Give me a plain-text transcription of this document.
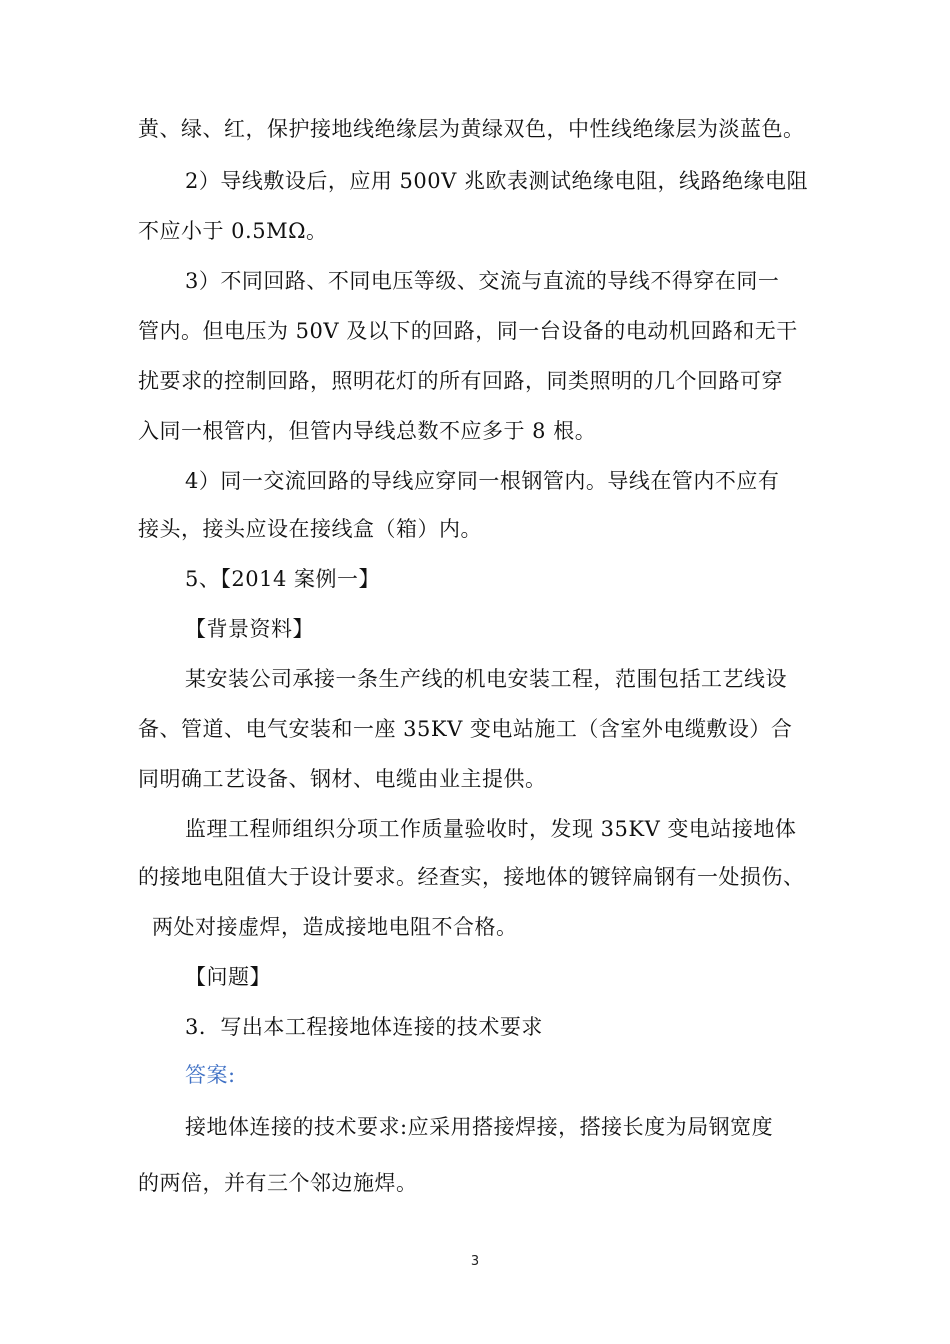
黄、绿、红，保护接地线绝缘层为黄绿双色，中性线绝缘层为淡蓝色。
2）导线敷设后，应用 500V 兆欧表测试绝缘电阻，线路绝缘电阻
不应小于 0.5MΩ。
3）不同回路、不同电压等级、交流与直流的导线不得穿在同一
管内。但电压为 50V 及以下的回路，同一台设备的电动机回路和无干
扰要求的控制回路，照明花灯的所有回路，同类照明的几个回路可穿
入同一根管内，但管内导线总数不应多于 8 根。
4）同一交流回路的导线应穿同一根钢管内。导线在管内不应有
接头，接头应设在接线盒（箱）内。
5、【2014 案例一】
【背景资料】
某安装公司承接一条生产线的机电安装工程，范围包括工艺线设
备、管道、电气安装和一座 35KV 变电站施工（含室外电缆敷设）合
同明确工艺设备、钢材、电缆由业主提供。
监理工程师组织分项工作质量验收时，发现 35KV 变电站接地体
的接地电阻值大于设计要求。经查实，接地体的镀锌扁钢有一处损伤、
两处对接虚焊，造成接地电阻不合格。
【问题】
3．写出本工程接地体连接的技术要求
答案:
接地体连接的技术要求:应采用搭接焊接，搭接长度为局钢宽度
的两倍，并有三个邻边施焊。
3
